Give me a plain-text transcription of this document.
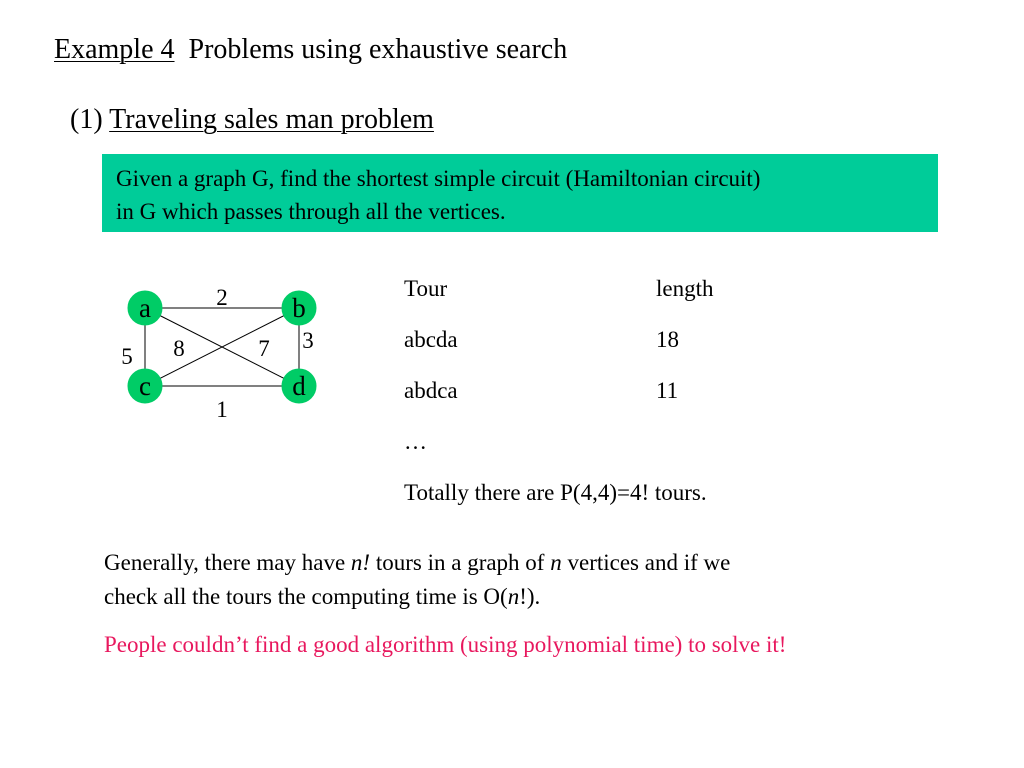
Example 4 Problems using exhaustive search
(1) Traveling sales man problem
Given a graph G, find the shortest simple circuit (Hamiltonian circuit)
in G which passes through all the vertices.
2
3
5
1
8	7
a	b
c	d
Tour	length
abcda	18
abdca	11
…
Totally there are P(4,4)=4! tours.
Generally, there may have n! tours in a graph of n vertices and if we
check all the tours the computing time is O(n!).
People couldn’t find a good algorithm (using polynomial time) to solve it!
